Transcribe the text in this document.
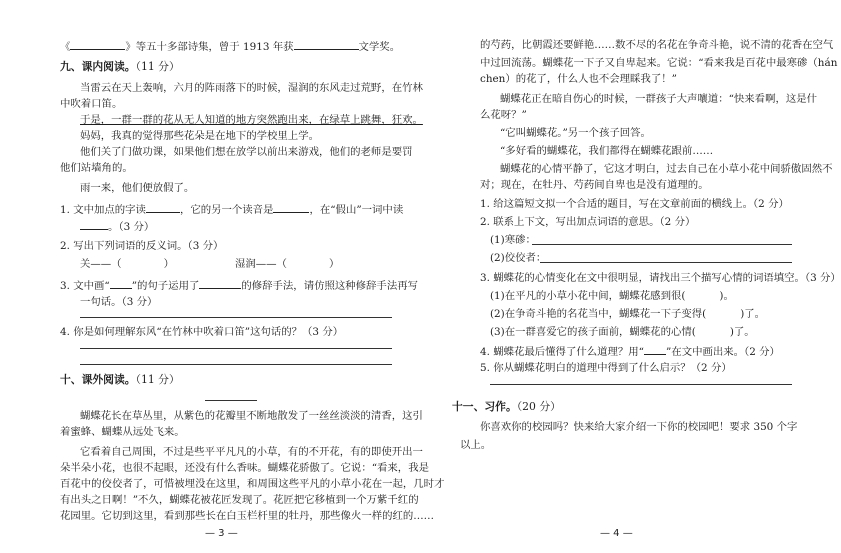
《	》等五十多部诗集，曾于 1913 年获	文学奖。
九、课内阅读。（11 分）
当雷云在天上轰响，六月的阵雨落下的时候，湿润的东风走过荒野，在竹林
中吹着口笛。
于是，一群一群的花从无人知道的地方突然跑出来，在绿草上跳舞，狂欢。
妈妈，我真的觉得那些花朵是在地下的学校里上学。
他们关了门做功课，如果他们想在放学以前出来游戏，他们的老师是要罚
他们站墙角的。
雨一来，他们便放假了。
1. 文中加点的字读	，它的另一个读音是	，在“假山”一词中读
。（3 分）
2. 写出下列词语的反义词。（3 分）
关——（	）	湿润——（	）
3. 文中画“ ”的句子运用了	的修辞手法，请仿照这种修辞手法再写
一句话。（3 分）
4. 你是如何理解东风“在竹林中吹着口笛”这句话的？（3 分）
十、课外阅读。（11 分）
蝴蝶花长在草丛里，从紫色的花瓣里不断地散发了一丝丝淡淡的清香，这引
着蜜蜂、蝴蝶从远处飞来。
它看着自己周围，不过是些平平凡凡的小草，有的不开花，有的即使开出一
朵半朵小花，也很不起眼，还没有什么香味。蝴蝶花骄傲了。它说：“看来，我是
百花中的佼佼者了，可惜被埋没在这里，和周围这些平凡的小草小花在一起，几时才
有出头之日啊！”不久，蝴蝶花被花匠发现了。花匠把它移植到一个万紫千红的
花园里。它切到这里，看到那些长在白玉栏杆里的牡丹，那些像火一样的红的……
— 3 —
的芍药，比朝霞还要鲜艳……数不尽的名花在争奇斗艳，说不清的花香在空气
中过回流荡。蝴蝶花一下子又自卑起来。它说：“看来我是百花中最寒碜（hán
chen）的花了，什么人也不会理睬我了！”
蝴蝶花正在暗自伤心的时候，一群孩子大声嚷道：“快来看啊，这是什
么花呀？”
“它叫蝴蝶花。”另一个孩子回答。
“多好看的蝴蝶花，我们都得在蝴蝶花跟前……
蝴蝶花的心情平静了，它这才明白，过去自己在小草小花中间骄傲固然不
对；现在，在牡丹、芍药间自卑也是没有道理的。
1. 给这篇短文拟一个合适的题目，写在文章前面的横线上。（2 分）
2. 联系上下文，写出加点词语的意思。（2 分）
(1)寒碜：
(2)佼佼者：
3. 蝴蝶花的心情变化在文中很明显，请找出三个描写心情的词语填空。（3 分）
(1)在平凡的小草小花中间，蝴蝶花感到很(	)。
(2)在争奇斗艳的名花当中，蝴蝶花一下子变得(	)了。
(3)在一群喜爱它的孩子面前，蝴蝶花的心情(	)了。
4. 蝴蝶花最后懂得了什么道理？用“ ”在文中画出来。（2 分）
5. 你从蝴蝶花明白的道理中得到了什么启示？（2 分）
十一、习作。（20 分）
你喜欢你的校园吗？快来给大家介绍一下你的校园吧！要求 350 个字
以上。
— 4 —
